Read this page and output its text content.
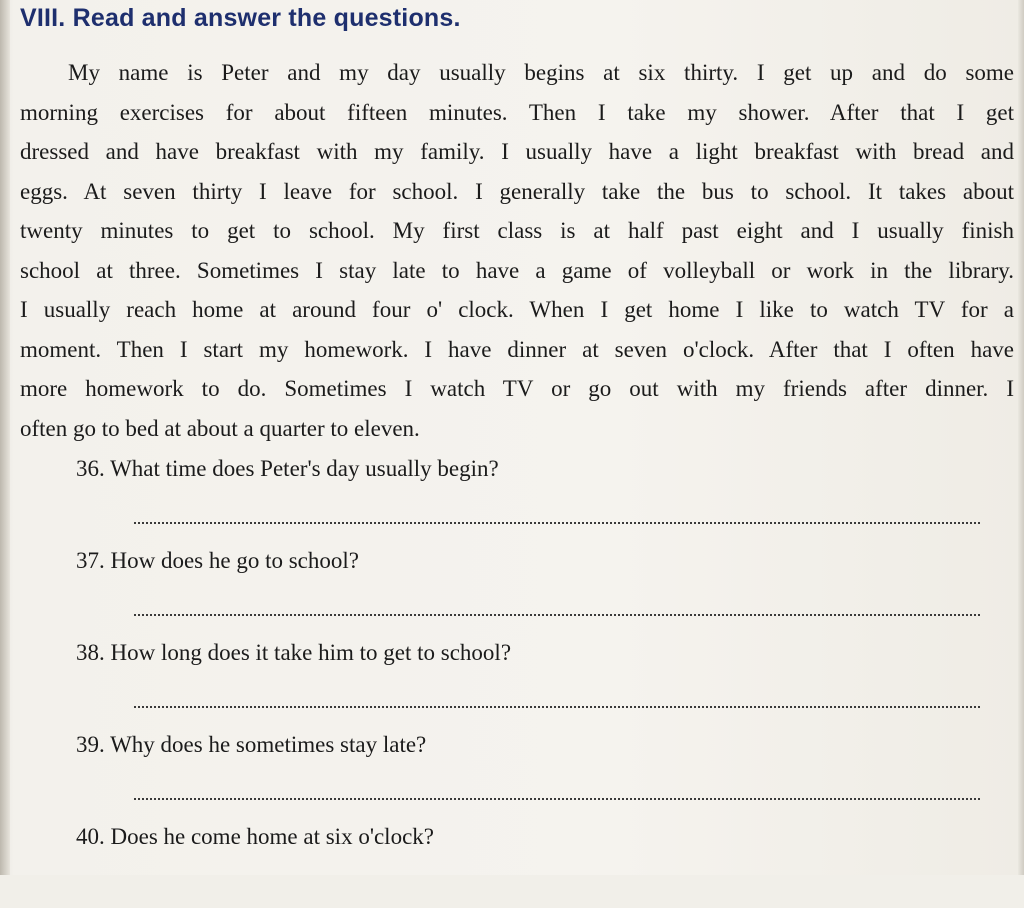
VIII. Read and answer the questions.
My name is Peter and my day usually begins at six thirty. I get up and do some
morning exercises for about fifteen minutes. Then I take my shower. After that I get
dressed and have breakfast with my family. I usually have a light breakfast with bread and
eggs. At seven thirty I leave for school. I generally take the bus to school. It takes about
twenty minutes to get to school. My first class is at half past eight and I usually finish
school at three. Sometimes I stay late to have a game of volleyball or work in the library.
I usually reach home at around four o' clock. When I get home I like to watch TV for a
moment. Then I start my homework. I have dinner at seven o'clock. After that I often have
more homework to do. Sometimes I watch TV or go out with my friends after dinner. I
often go to bed at about a quarter to eleven.
36. What time does Peter's day usually begin?
37. How does he go to school?
38. How long does it take him to get to school?
39. Why does he sometimes stay late?
40. Does he come home at six o'clock?
